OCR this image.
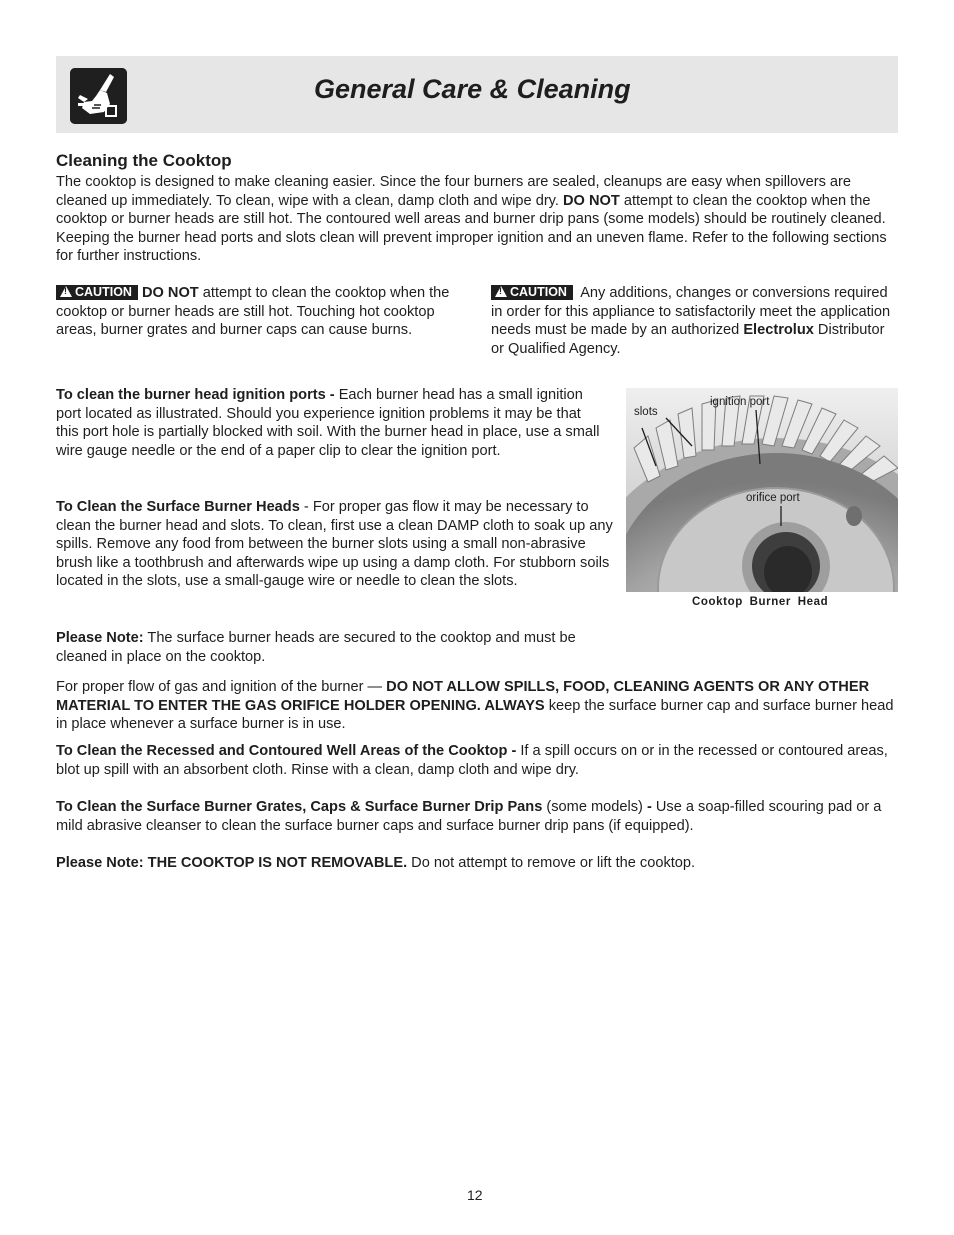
General Care & Cleaning
Cleaning the Cooktop

The cooktop is designed to make cleaning easier. Since the four burners are sealed, cleanups are easy when spillovers are cleaned up immediately. To clean, wipe with a clean, damp cloth and wipe dry. DO NOT attempt to clean the cooktop when the cooktop or burner heads are still hot. The contoured well areas and burner drip pans (some models) should be routinely cleaned. Keeping the burner head ports and slots clean will prevent improper ignition and an uneven flame. Refer to the following sections for further instructions.

!CAUTION DO NOT attempt to clean the cooktop when the cooktop or burner heads are still hot. Touching hot cooktop areas, burner grates and burner caps can cause burns.

!CAUTION Any additions, changes or conversions required in order for this appliance to satisfactorily meet the application needs must be made by an authorized Electrolux Distributor or Qualified Agency.

To clean the burner head ignition ports - Each burner head has a small ignition port located as illustrated. Should you experience ignition problems it may be that this port hole is partially blocked with soil. With the burner head in place, use a small wire gauge needle or the end of a paper clip to clear the ignition port.

To Clean the Surface Burner Heads - For proper gas flow it may be necessary to clean the burner head and slots. To clean, first use a clean DAMP cloth to soak up any spills. Remove any food from between the burner slots using a small non-abrasive brush like a toothbrush and afterwards wipe up using a damp cloth. For stubborn soils located in the slots, use a small-gauge wire or needle to clean the slots.

Please Note: The surface burner heads are secured to the cooktop and must be cleaned in place on the cooktop.

For proper flow of gas and ignition of the burner — DO NOT ALLOW SPILLS, FOOD, CLEANING AGENTS OR ANY OTHER MATERIAL TO ENTER THE GAS ORIFICE HOLDER OPENING. ALWAYS keep the surface burner cap and surface burner head in place whenever a surface burner is in use.

To Clean the Recessed and Contoured Well Areas of the Cooktop - If a spill occurs on or in the recessed or contoured areas, blot up spill with an absorbent cloth. Rinse with a clean, damp cloth and wipe dry.

To Clean the Surface Burner Grates, Caps & Surface Burner Drip Pans (some models) - Use a soap-filled scouring pad or a mild abrasive cleanser to clean the surface burner caps and surface burner drip pans (if equipped).

Please Note: THE COOKTOP IS NOT REMOVABLE. Do not attempt to remove or lift the cooktop.

slots
ignition port
orifice port

Cooktop Burner Head

12
